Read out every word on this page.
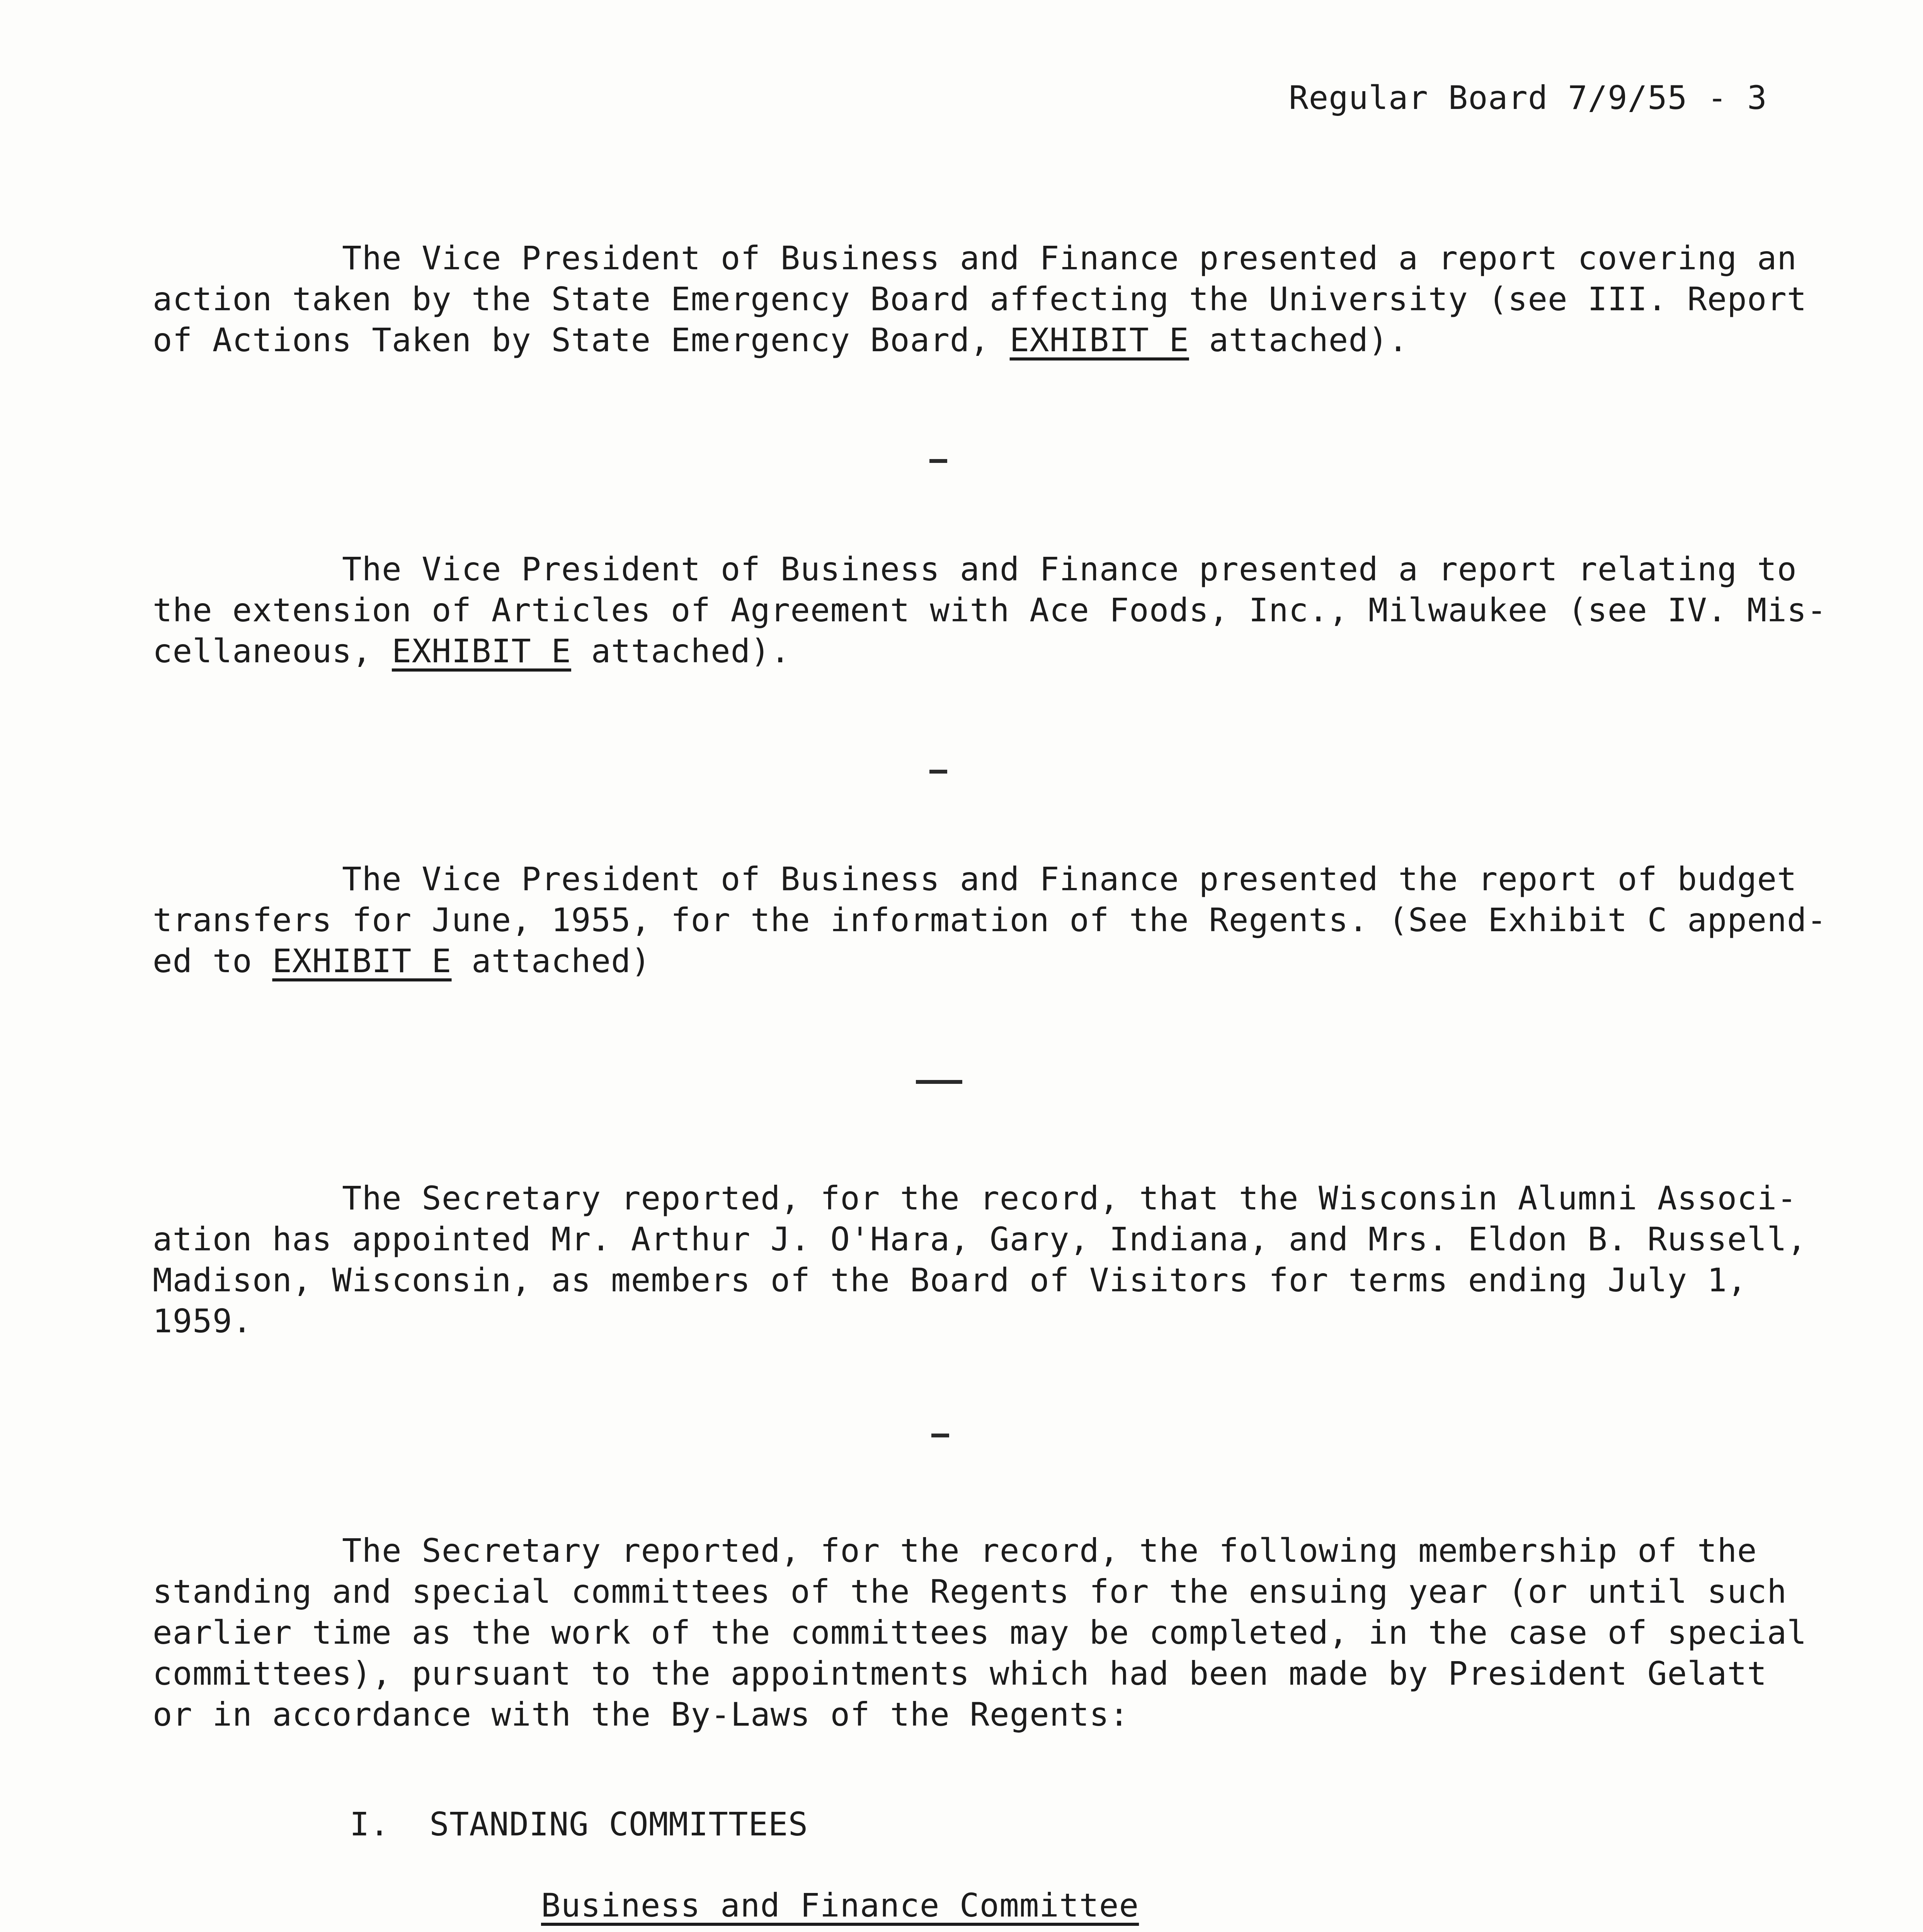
Regular Board 7/9/55 - 3
The Vice President of Business and Finance presented a report covering an
action taken by the State Emergency Board affecting the University (see III. Report
of Actions Taken by State Emergency Board, EXHIBIT E attached).
The Vice President of Business and Finance presented a report relating to
the extension of Articles of Agreement with Ace Foods, Inc., Milwaukee (see IV. Mis-
cellaneous, EXHIBIT E attached).
The Vice President of Business and Finance presented the report of budget
transfers for June, 1955, for the information of the Regents. (See Exhibit C append-
ed to EXHIBIT E attached)
The Secretary reported, for the record, that the Wisconsin Alumni Associ-
ation has appointed Mr. Arthur J. O'Hara, Gary, Indiana, and Mrs. Eldon B. Russell,
Madison, Wisconsin, as members of the Board of Visitors for terms ending July 1,
1959.
The Secretary reported, for the record, the following membership of the
standing and special committees of the Regents for the ensuing year (or until such
earlier time as the work of the committees may be completed, in the case of special
committees), pursuant to the appointments which had been made by President Gelatt
or in accordance with the By-Laws of the Regents:
I.  STANDING COMMITTEES
Business and Finance Committee
